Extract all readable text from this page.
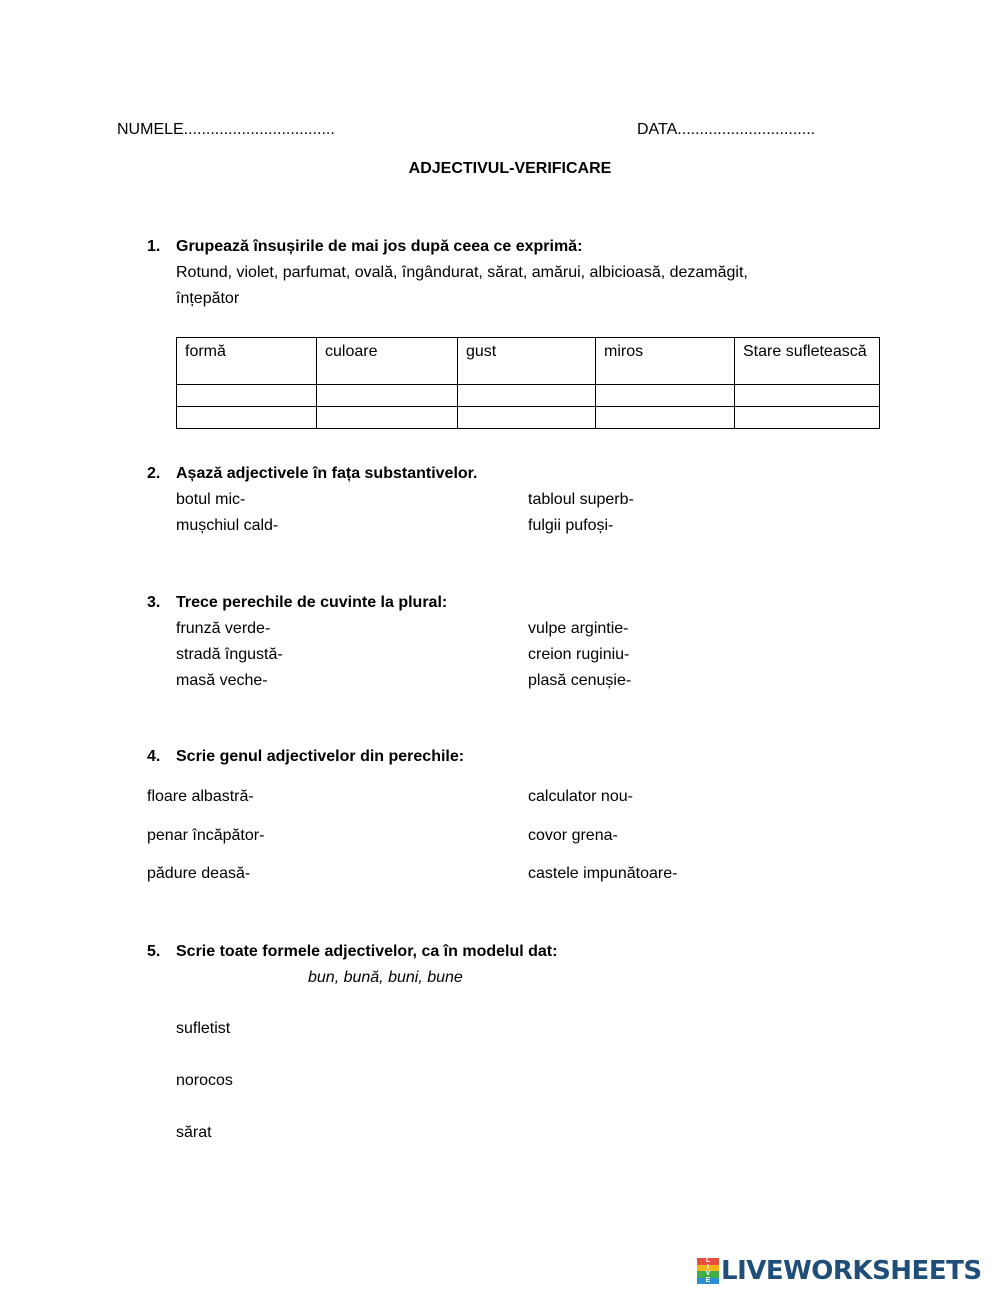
NUMELE..................................	DATA...............................
ADJECTIVUL-VERIFICARE
1. Grupează însușirile de mai jos după ceea ce exprimă:
Rotund, violet, parfumat, ovală, îngândurat, sărat, amărui, albicioasă, dezamăgit,
înțepător
formă	culoare	gust	miros	Stare sufletească

2. Așază adjectivele în fața substantivelor.
botul mic-
mușchiul cald-
tabloul superb-
fulgii pufoși-
3. Trece perechile de cuvinte la plural:
frunză verde-
stradă îngustă-
masă veche-
vulpe argintie-
creion ruginiu-
plasă cenușie-
4. Scrie genul adjectivelor din perechile:
floare albastră-
penar încăpător-
pădure deasă-
calculator nou-
covor grena-
castele impunătoare-
5. Scrie toate formele adjectivelor, ca în modelul dat:
bun, bună, buni, bune
sufletist
norocos
sărat
L
I
V
E LIVEWORKSHEETS
